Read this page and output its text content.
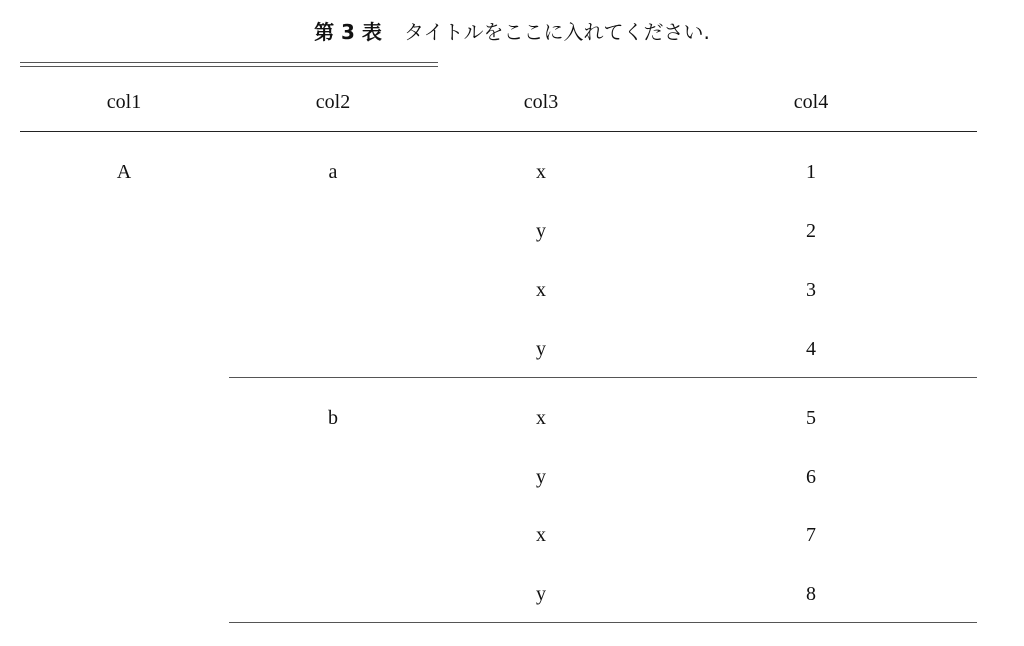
第 3 表 タイトルをここに入れてください.
col1	col2	col3	col4
A	a	x	1
y	2
x	3
y	4
b	x	5
y	6
x	7
y	8
